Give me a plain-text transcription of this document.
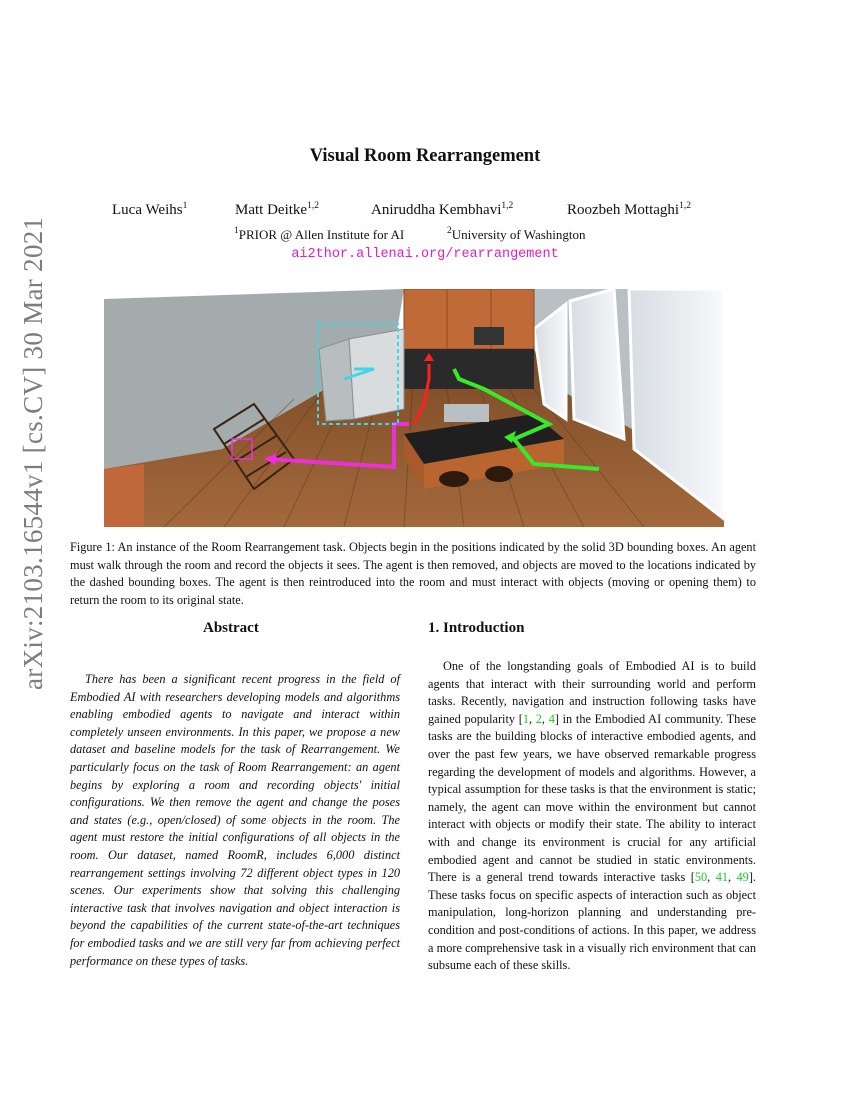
arXiv:2103.16544v1 [cs.CV] 30 Mar 2021
Visual Room Rearrangement
Luca Weihs$^1$	Matt Deitke$^{1,2}$	Aniruddha Kembhavi$^{1,2}$	Roozbeh Mottaghi$^{1,2}$
$^1$PRIOR @ Allen Institute for AI	$^2$University of Washington
ai2thor.allenai.org/rearrangement
Figure 1: An instance of the Room Rearrangement task. Objects begin in the positions indicated by the solid 3D bounding boxes. An agent must walk through the room and record the objects it sees. The agent is then removed, and objects are moved to the locations indicated by the dashed bounding boxes. The agent is then reintroduced into the room and must interact with objects (moving or opening them) to return the room to its original state.
Abstract	1. Introduction

There has been a significant recent progress in the field of Embodied AI with researchers developing models and algorithms enabling embodied agents to navigate and interact within completely unseen environments. In this paper, we propose a new dataset and baseline models for the task of Rearrangement. We particularly focus on the task of Room Rearrangement: an agent begins by exploring a room and recording objects' initial configurations. We then remove the agent and change the poses and states (e.g., open/closed) of some objects in the room. The agent must restore the initial configurations of all objects in the room. Our dataset, named RoomR, includes 6,000 distinct rearrangement settings involving 72 different object types in 120 scenes. Our experiments show that solving this challenging interactive task that involves navigation and object interaction is beyond the capabilities of the current state-of-the-art techniques for embodied tasks and we are still very far from achieving perfect performance on these types of tasks.

One of the longstanding goals of Embodied AI is to build agents that interact with their surrounding world and perform tasks. Recently, navigation and instruction following tasks have gained popularity [1, 2, 4] in the Embodied AI community. These tasks are the building blocks of interactive embodied agents, and over the past few years, we have observed remarkable progress regarding the development of models and algorithms. However, a typical assumption for these tasks is that the environment is static; namely, the agent can move within the environment but cannot interact with objects or modify their state. The ability to interact with and change its environment is crucial for any artificial embodied agent and cannot be studied in static environments. There is a general trend towards interactive tasks [50, 41, 49]. These tasks focus on specific aspects of interaction such as object manipulation, long-horizon planning and understanding pre-condition and post-conditions of actions. In this paper, we address a more comprehensive task in a visually rich environment that can subsume each of these skills.
